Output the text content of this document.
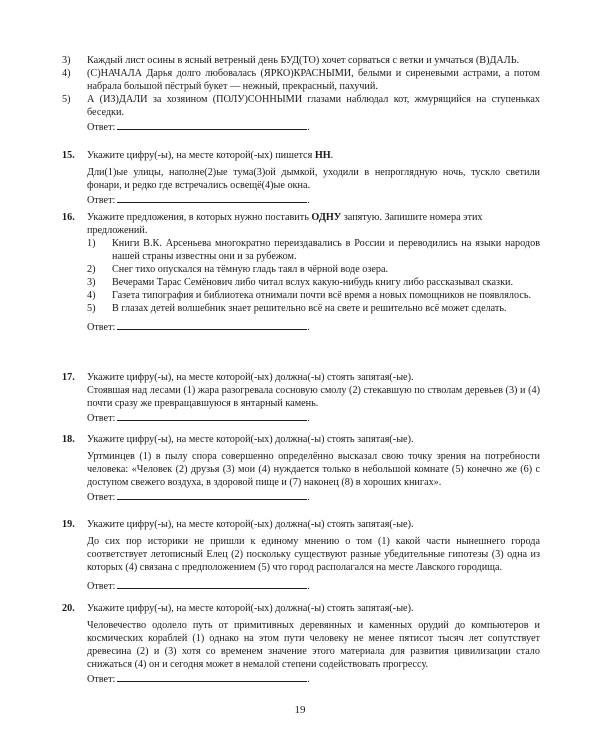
3) Каждый лист осины в ясный ветреный день БУД(ТО) хочет сорваться с ветки и умчаться (В)ДАЛЬ.
4) (С)НАЧАЛА Дарья долго любовалась (ЯРКО)КРАСНЫМИ, белыми и сиреневыми астрами, а потом набрала большой пёстрый букет — нежный, прекрасный, пахучий.
5) А (ИЗ)ДАЛИ за хозяином (ПОЛУ)СОННЫМИ глазами наблюдал кот, жмурящийся на ступеньках беседки.
Ответ:	.
15.	Укажите цифру(-ы), на месте которой(-ых) пишется НН.
Дли(1)ые улицы, наполне(2)ые тума(3)ой дымкой, уходили в непроглядную ночь, тускло светили фонари, и редко где встречались освещё(4)ые окна.
Ответ:	.
16.	Укажите предложения, в которых нужно поставить ОДНУ запятую. Запишите номера этих предложений.
1) Книги В.К. Арсеньева многократно переиздавались в России и переводились на языки народов нашей страны известны они и за рубежом.
2) Снег тихо опускался на тёмную гладь таял в чёрной воде озера.
3) Вечерами Тарас Семёнович либо читал вслух какую-нибудь книгу либо рассказывал сказки.
4) Газета типография и библиотека отнимали почти всё время а новых помощников не появлялось.
5) В глазах детей волшебник знает решительно всё на свете и решительно всё может сделать.
Ответ:	.
17.	Укажите цифру(-ы), на месте которой(-ых) должна(-ы) стоять запятая(-ые).
Стоявшая над лесами (1) жара разогревала сосновую смолу (2) стекавшую по стволам деревьев (3) и (4) почти сразу же превращавшуюся в янтарный камень.
Ответ:	.
18.	Укажите цифру(-ы), на месте которой(-ых) должна(-ы) стоять запятая(-ые).
Уртминцев (1) в пылу спора совершенно определённо высказал свою точку зрения на потребности человека: «Человек (2) друзья (3) мои (4) нуждается только в небольшой комнате (5) конечно же (6) с доступом свежего воздуха, в здоровой пище и (7) наконец (8) в хороших книгах».
Ответ:	.
19.	Укажите цифру(-ы), на месте которой(-ых) должна(-ы) стоять запятая(-ые).
До сих пор историки не пришли к единому мнению о том (1) какой части нынешнего города соответствует летописный Елец (2) поскольку существуют разные убедительные гипотезы (3) одна из которых (4) связана с предположением (5) что город располагался на месте Лавского городища.
Ответ:	.
20.	Укажите цифру(-ы), на месте которой(-ых) должна(-ы) стоять запятая(-ые).
Человечество одолело путь от примитивных деревянных и каменных орудий до компьютеров и космических кораблей (1) однако на этом пути человеку не менее пятисот тысяч лет сопутствует древесина (2) и (3) хотя со временем значение этого материала для развития цивилизации стало снижаться (4) он и сегодня может в немалой степени содействовать прогрессу.
Ответ:	.
19
